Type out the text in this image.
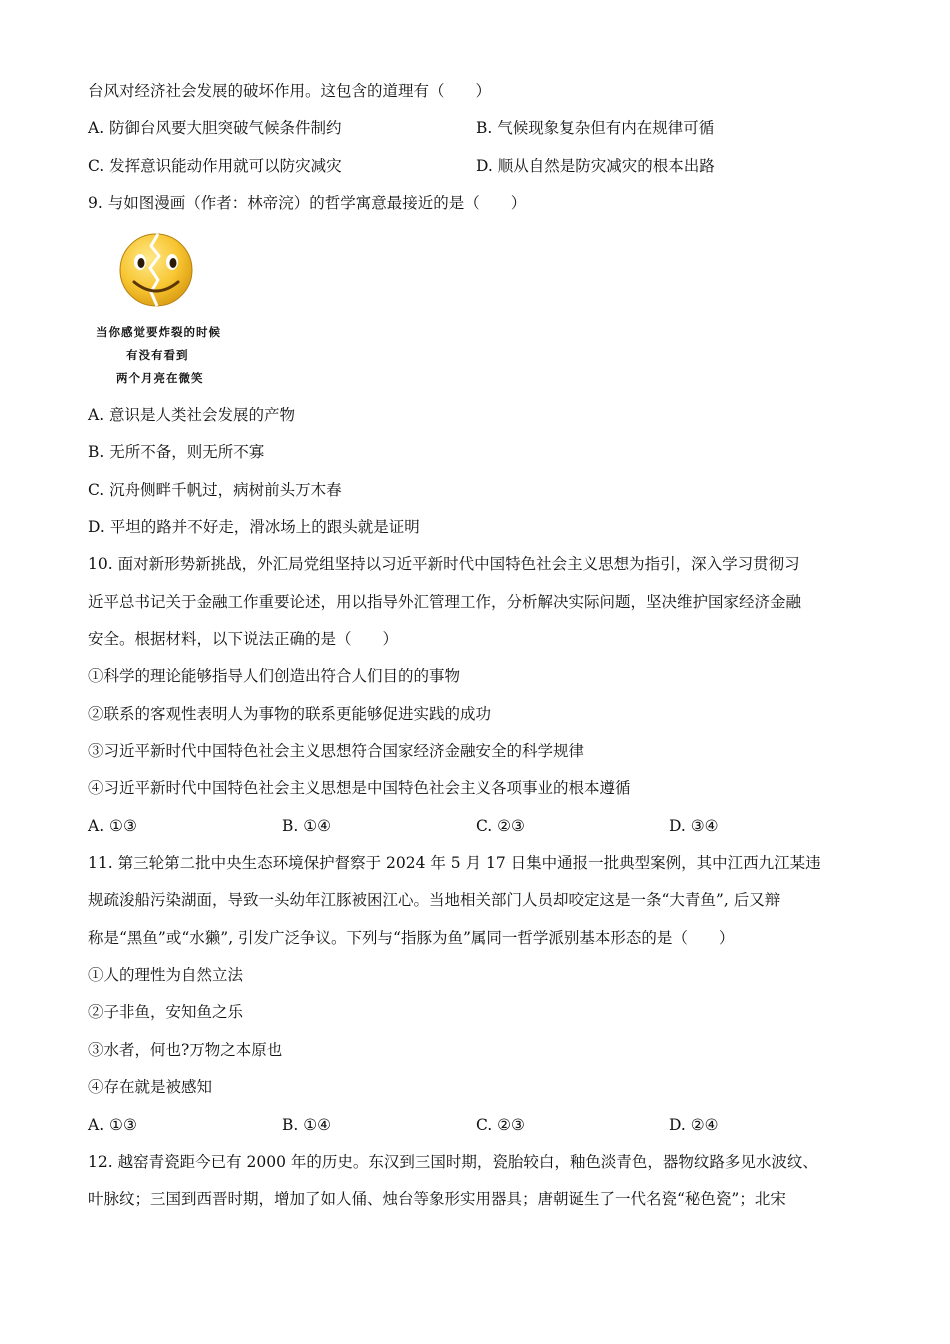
台风对经济社会发展的破坏作用。这包含的道理有（　　）
A. 防御台风要大胆突破气候条件制约	B. 气候现象复杂但有内在规律可循
C. 发挥意识能动作用就可以防灾减灾	D. 顺从自然是防灾减灾的根本出路
9. 与如图漫画（作者：林帝浣）的哲学寓意最接近的是（　　）
当你感觉要炸裂的时候
有没有看到
两个月亮在微笑
A. 意识是人类社会发展的产物
B. 无所不备，则无所不寡
C. 沉舟侧畔千帆过，病树前头万木春
D. 平坦的路并不好走，滑冰场上的跟头就是证明
10. 面对新形势新挑战，外汇局党组坚持以习近平新时代中国特色社会主义思想为指引，深入学习贯彻习
近平总书记关于金融工作重要论述，用以指导外汇管理工作，分析解决实际问题，坚决维护国家经济金融
安全。根据材料，以下说法正确的是（　　）
①科学的理论能够指导人们创造出符合人们目的的事物
②联系的客观性表明人为事物的联系更能够促进实践的成功
③习近平新时代中国特色社会主义思想符合国家经济金融安全的科学规律
④习近平新时代中国特色社会主义思想是中国特色社会主义各项事业的根本遵循
A. ①③	B. ①④	C. ②③	D. ③④
11. 第三轮第二批中央生态环境保护督察于 2024 年 5 月 17 日集中通报一批典型案例，其中江西九江某违
规疏浚船污染湖面，导致一头幼年江豚被困江心。当地相关部门人员却咬定这是一条“大青鱼”, 后又辩
称是“黑鱼”或“水獭”, 引发广泛争议。下列与“指豚为鱼”属同一哲学派别基本形态的是（　　）
①人的理性为自然立法
②子非鱼，安知鱼之乐
③水者，何也?万物之本原也
④存在就是被感知
A. ①③	B. ①④	C. ②③	D. ②④
12. 越窑青瓷距今已有 2000 年的历史。东汉到三国时期，瓷胎较白，釉色淡青色，器物纹路多见水波纹、
叶脉纹；三国到西晋时期，增加了如人俑、烛台等象形实用器具；唐朝诞生了一代名瓷“秘色瓷”；北宋
